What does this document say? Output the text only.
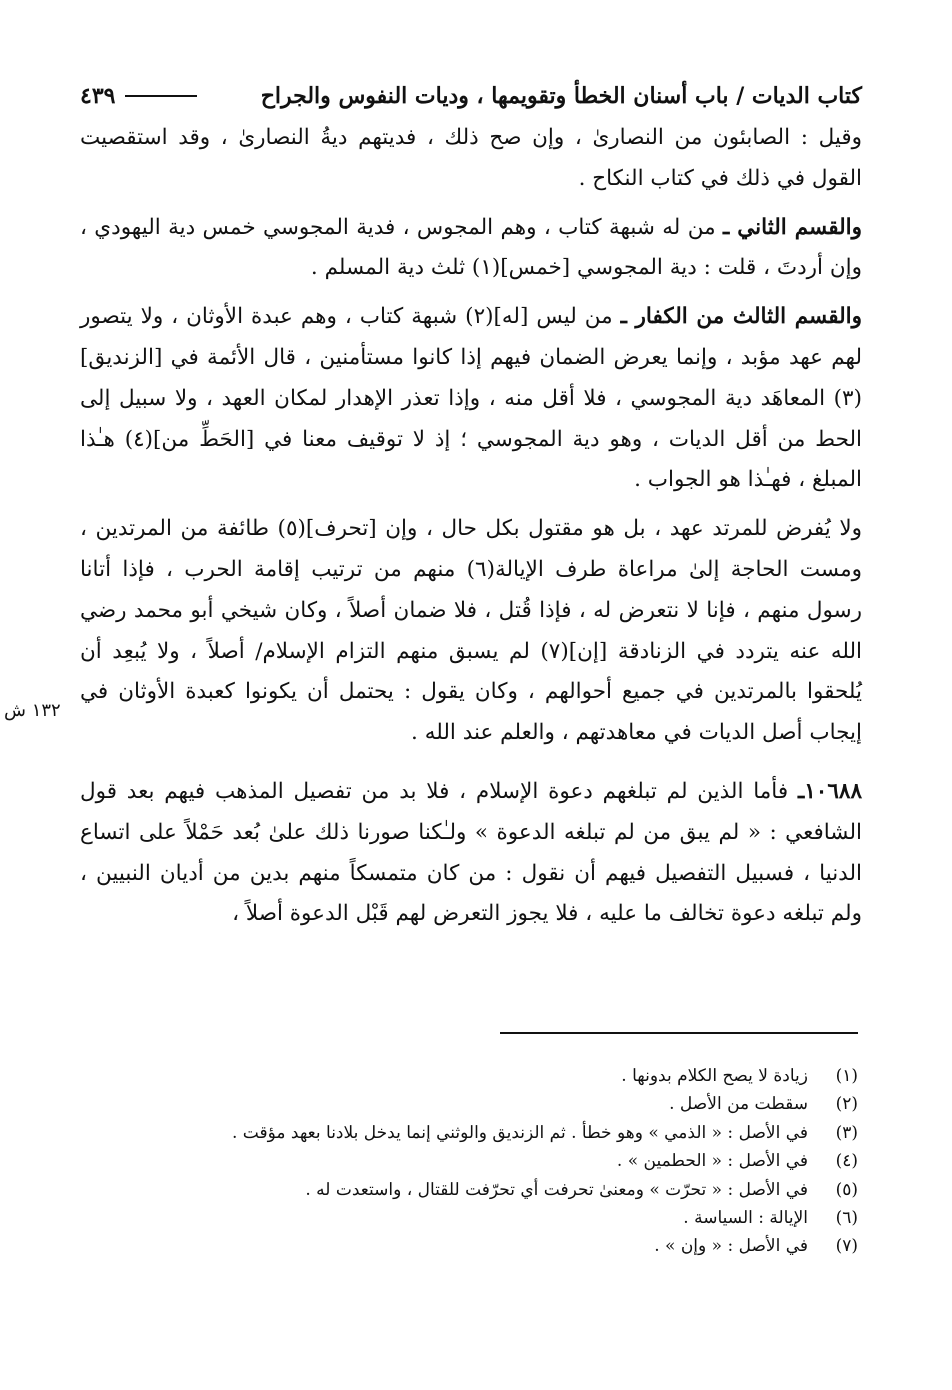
كتاب الديات / باب أسنان الخطأ وتقويمها ، وديات النفوس والجراح
٤٣٩

وقيل : الصابئون من النصارىٰ ، وإن صح ذلك ، فديتهم ديةُ النصارىٰ ، وقد استقصيت القول في ذلك في كتاب النكاح .

والقسم الثاني ـ من له شبهة كتاب ، وهم المجوس ، فدية المجوسي خمس دية اليهودي ، وإن أردتَ ، قلت : دية المجوسي [خمس](١) ثلث دية المسلم .

والقسم الثالث من الكفار ـ من ليس [له](٢) شبهة كتاب ، وهم عبدة الأوثان ، ولا يتصور لهم عهد مؤبد ، وإنما يعرض الضمان فيهم إذا كانوا مستأمنين ، قال الأئمة في [الزنديق](٣) المعاهَد دية المجوسي ، فلا أقل منه ، وإذا تعذر الإهدار لمكان العهد ، ولا سبيل إلى الحط من أقل الديات ، وهو دية المجوسي ؛ إذ لا توقيف معنا في [الحَطِّ من](٤) هـٰذا المبلغ ، فهـٰذا هو الجواب .

ولا يُفرض للمرتد عهد ، بل هو مقتول بكل حال ، وإن [تحرف](٥) طائفة من المرتدين ، ومست الحاجة إلىٰ مراعاة طرف الإيالة(٦) منهم من ترتيب إقامة الحرب ، فإذا أتانا رسول منهم ، فإنا لا نتعرض له ، فإذا قُتل ، فلا ضمان أصلاً ، وكان شيخي أبو محمد رضي الله عنه يتردد في الزنادقة [إن](٧) لم يسبق منهم التزام الإسلام/ أصلاً ، ولا يُبعِد أن يُلحقوا بالمرتدين في جميع أحوالهم ، وكان يقول : يحتمل أن يكونوا كعبدة الأوثان في إيجاب أصل الديات في معاهدتهم ، والعلم عند الله .

١٠٦٨٨ـ فأما الذين لم تبلغهم دعوة الإسلام ، فلا بد من تفصيل المذهب فيهم بعد قول الشافعي : « لم يبق من لم تبلغه الدعوة » ولـٰكنا صورنا ذلك علىٰ بُعد حَمْلاً على اتساع الدنيا ، فسبيل التفصيل فيهم أن نقول : من كان متمسكاً منهم بدين من أديان النبيين ، ولم تبلغه دعوة تخالف ما عليه ، فلا يجوز التعرض لهم قَبْل الدعوة أصلاً ،

١٣٢ ش
(١)
زيادة لا يصح الكلام بدونها .
(٢)
سقطت من الأصل .
(٣)
في الأصل : « الذمي » وهو خطأ . ثم الزنديق والوثني إنما يدخل بلادنا بعهد مؤقت .
(٤)
في الأصل : « الحطمين » .
(٥)
في الأصل : « تحرّت » ومعنىٰ تحرفت أي تحرّفت للقتال ، واستعدت له .
(٦)
الإيالة : السياسة .
(٧)
في الأصل : « وإن » .
